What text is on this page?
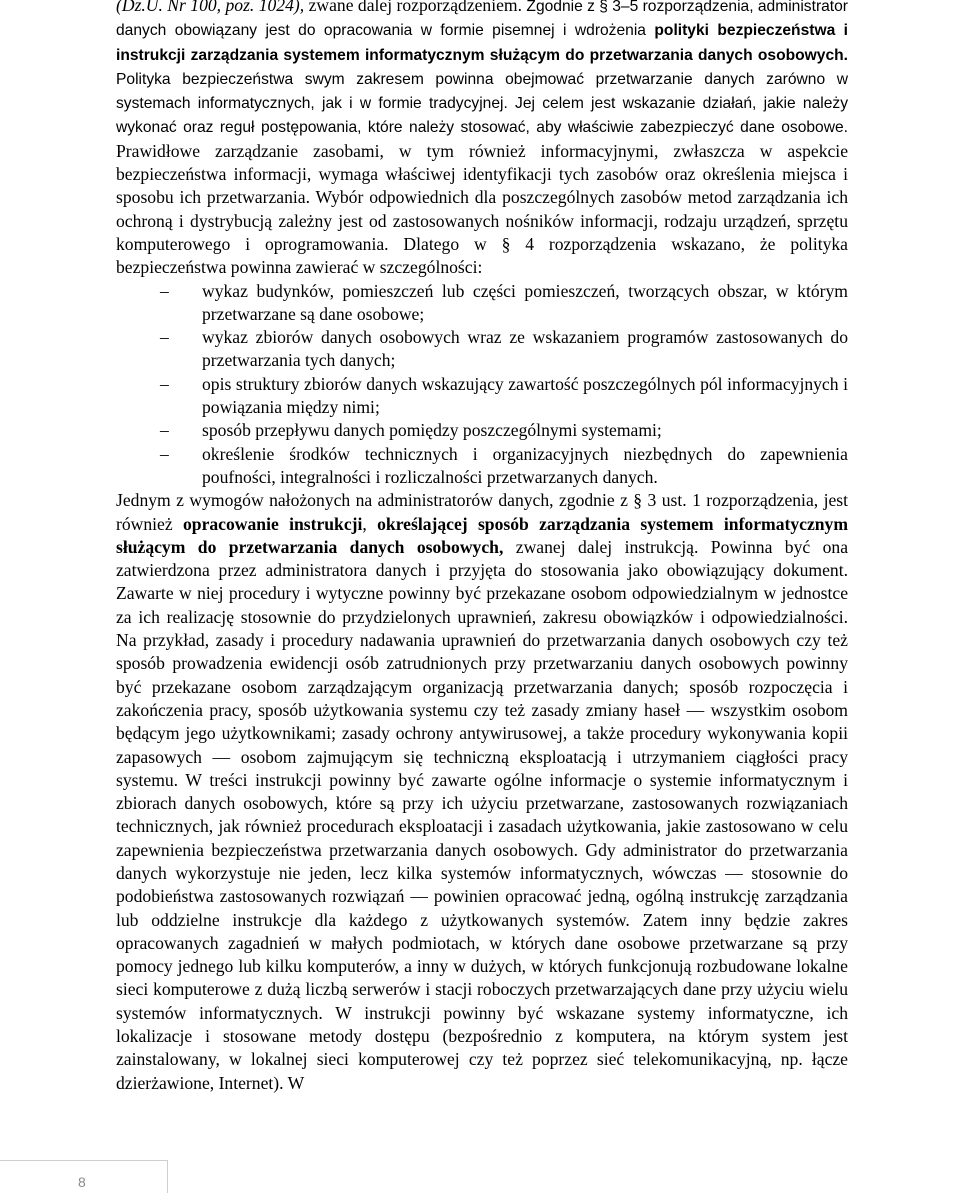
(Dz.U. Nr 100, poz. 1024), zwane dalej rozporządzeniem. Zgodnie z § 3–5 rozporządzenia, administrator danych obowiązany jest do opracowania w formie pisemnej i wdrożenia polityki bezpieczeństwa i instrukcji zarządzania systemem informatycznym służącym do przetwarzania danych osobowych. Polityka bezpieczeństwa swym zakresem powinna obejmować przetwarzanie danych zarówno w systemach informatycznych, jak i w formie tradycyjnej. Jej celem jest wskazanie działań, jakie należy wykonać oraz reguł postępowania, które należy stosować, aby właściwie zabezpieczyć dane osobowe. Prawidłowe zarządzanie zasobami, w tym również informacyjnymi, zwłaszcza w aspekcie bezpieczeństwa informacji, wymaga właściwej identyfikacji tych zasobów oraz określenia miejsca i sposobu ich przetwarzania. Wybór odpowiednich dla poszczególnych zasobów metod zarządzania ich ochroną i dystrybucją zależny jest od zastosowanych nośników informacji, rodzaju urządzeń, sprzętu komputerowego i oprogramowania. Dlatego w § 4 rozporządzenia wskazano, że polityka bezpieczeństwa powinna zawierać w szczególności:

– wykaz budynków, pomieszczeń lub części pomieszczeń, tworzących obszar, w którym przetwarzane są dane osobowe;
– wykaz zbiorów danych osobowych wraz ze wskazaniem programów zastosowanych do przetwarzania tych danych;
– opis struktury zbiorów danych wskazujący zawartość poszczególnych pól informacyjnych i powiązania między nimi;
– sposób przepływu danych pomiędzy poszczególnymi systemami;
– określenie środków technicznych i organizacyjnych niezbędnych do zapewnienia poufności, integralności i rozliczalności przetwarzanych danych.

Jednym z wymogów nałożonych na administratorów danych, zgodnie z § 3 ust. 1 rozporządzenia, jest również opracowanie instrukcji, określającej sposób zarządzania systemem informatycznym służącym do przetwarzania danych osobowych, zwanej dalej instrukcją. Powinna być ona zatwierdzona przez administratora danych i przyjęta do stosowania jako obowiązujący dokument. Zawarte w niej procedury i wytyczne powinny być przekazane osobom odpowiedzialnym w jednostce za ich realizację stosownie do przydzielonych uprawnień, zakresu obowiązków i odpowiedzialności. Na przykład, zasady i procedury nadawania uprawnień do przetwarzania danych osobowych czy też sposób prowadzenia ewidencji osób zatrudnionych przy przetwarzaniu danych osobowych powinny być przekazane osobom zarządzającym organizacją przetwarzania danych; sposób rozpoczęcia i zakończenia pracy, sposób użytkowania systemu czy też zasady zmiany haseł — wszystkim osobom będącym jego użytkownikami; zasady ochrony antywirusowej, a także procedury wykonywania kopii zapasowych — osobom zajmującym się techniczną eksploatacją i utrzymaniem ciągłości pracy systemu. W treści instrukcji powinny być zawarte ogólne informacje o systemie informatycznym i zbiorach danych osobowych, które są przy ich użyciu przetwarzane, zastosowanych rozwiązaniach technicznych, jak również procedurach eksploatacji i zasadach użytkowania, jakie zastosowano w celu zapewnienia bezpieczeństwa przetwarzania danych osobowych. Gdy administrator do przetwarzania danych wykorzystuje nie jeden, lecz kilka systemów informatycznych, wówczas — stosownie do podobieństwa zastosowanych rozwiązań — powinien opracować jedną, ogólną instrukcję zarządzania lub oddzielne instrukcje dla każdego z użytkowanych systemów. Zatem inny będzie zakres opracowanych zagadnień w małych podmiotach, w których dane osobowe przetwarzane są przy pomocy jednego lub kilku komputerów, a inny w dużych, w których funkcjonują rozbudowane lokalne sieci komputerowe z dużą liczbą serwerów i stacji roboczych przetwarzających dane przy użyciu wielu systemów informatycznych. W instrukcji powinny być wskazane systemy informatyczne, ich lokalizacje i stosowane metody dostępu (bezpośrednio z komputera, na którym system jest zainstalowany, w lokalnej sieci komputerowej czy też poprzez sieć telekomunikacyjną, np. łącze dzierżawione, Internet). W

8
